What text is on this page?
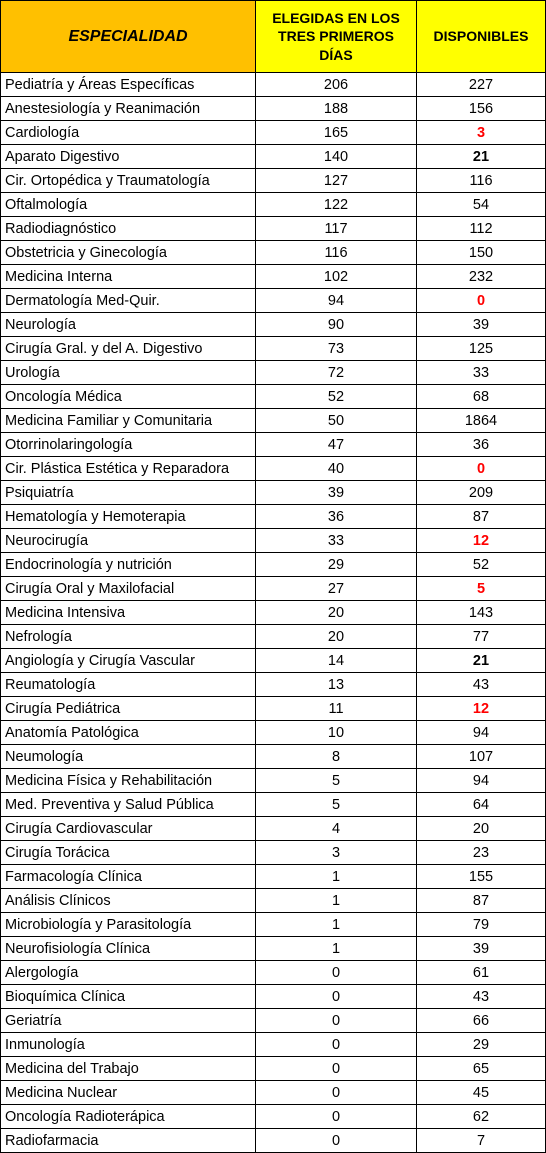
ESPECIALIDAD	ELEGIDAS EN LOS TRES PRIMEROS DÍAS	DISPONIBLES
Pediatría y Áreas Específicas	206	227
Anestesiología y Reanimación	188	156
Cardiología	165	3
Aparato Digestivo	140	21
Cir. Ortopédica y Traumatología	127	116
Oftalmología	122	54
Radiodiagnóstico	117	112
Obstetricia y Ginecología	116	150
Medicina Interna	102	232
Dermatología Med-Quir.	94	0
Neurología	90	39
Cirugía Gral. y del A. Digestivo	73	125
Urología	72	33
Oncología Médica	52	68
Medicina Familiar y Comunitaria	50	1864
Otorrinolaringología	47	36
Cir. Plástica Estética y Reparadora	40	0
Psiquiatría	39	209
Hematología y Hemoterapia	36	87
Neurocirugía	33	12
Endocrinología y nutrición	29	52
Cirugía Oral y Maxilofacial	27	5
Medicina Intensiva	20	143
Nefrología	20	77
Angiología y Cirugía Vascular	14	21
Reumatología	13	43
Cirugía Pediátrica	11	12
Anatomía Patológica	10	94
Neumología	8	107
Medicina Física y Rehabilitación	5	94
Med. Preventiva y Salud Pública	5	64
Cirugía Cardiovascular	4	20
Cirugía Torácica	3	23
Farmacología Clínica	1	155
Análisis Clínicos	1	87
Microbiología y Parasitología	1	79
Neurofisiología Clínica	1	39
Alergología	0	61
Bioquímica Clínica	0	43
Geriatría	0	66
Inmunología	0	29
Medicina del Trabajo	0	65
Medicina Nuclear	0	45
Oncología Radioterápica	0	62
Radiofarmacia	0	7
